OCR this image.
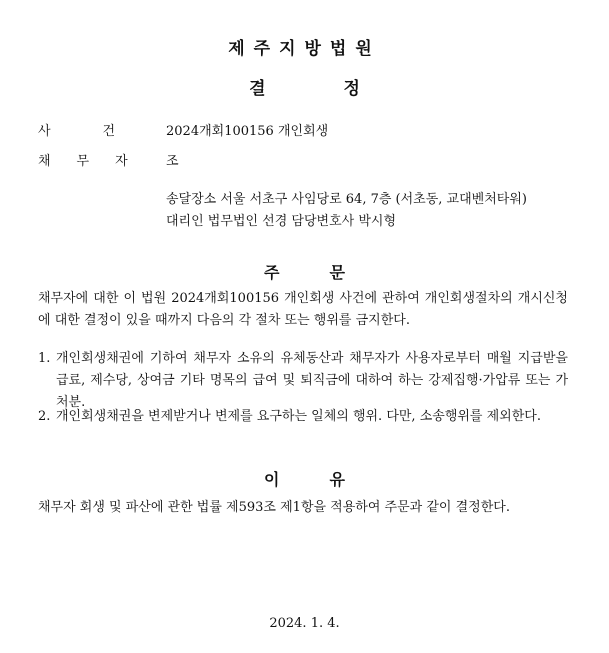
제주지방법원
결정
사건
2024개회100156 개인회생
채무자 조
송달장소 서울 서초구 사임당로 64, 7층 (서초동, 교대벤처타워)
대리인 법무법인 선경 담당변호사 박시형
주문
채무자에 대한 이 법원 2024개회100156 개인회생 사건에 관하여 개인회생절차의 개시신청에 대한 결정이 있을 때까지 다음의 각 절차 또는 행위를 금지한다.
1. 개인회생채권에 기하여 채무자 소유의 유체동산과 채무자가 사용자로부터 매월 지급받을 급료, 제수당, 상여금 기타 명목의 급여 및 퇴직금에 대하여 하는 강제집행·가압류 또는 가처분.
2. 개인회생채권을 변제받거나 변제를 요구하는 일체의 행위. 다만, 소송행위를 제외한다.
이유
채무자 회생 및 파산에 관한 법률 제593조 제1항을 적용하여 주문과 같이 결정한다.
2024. 1. 4.
